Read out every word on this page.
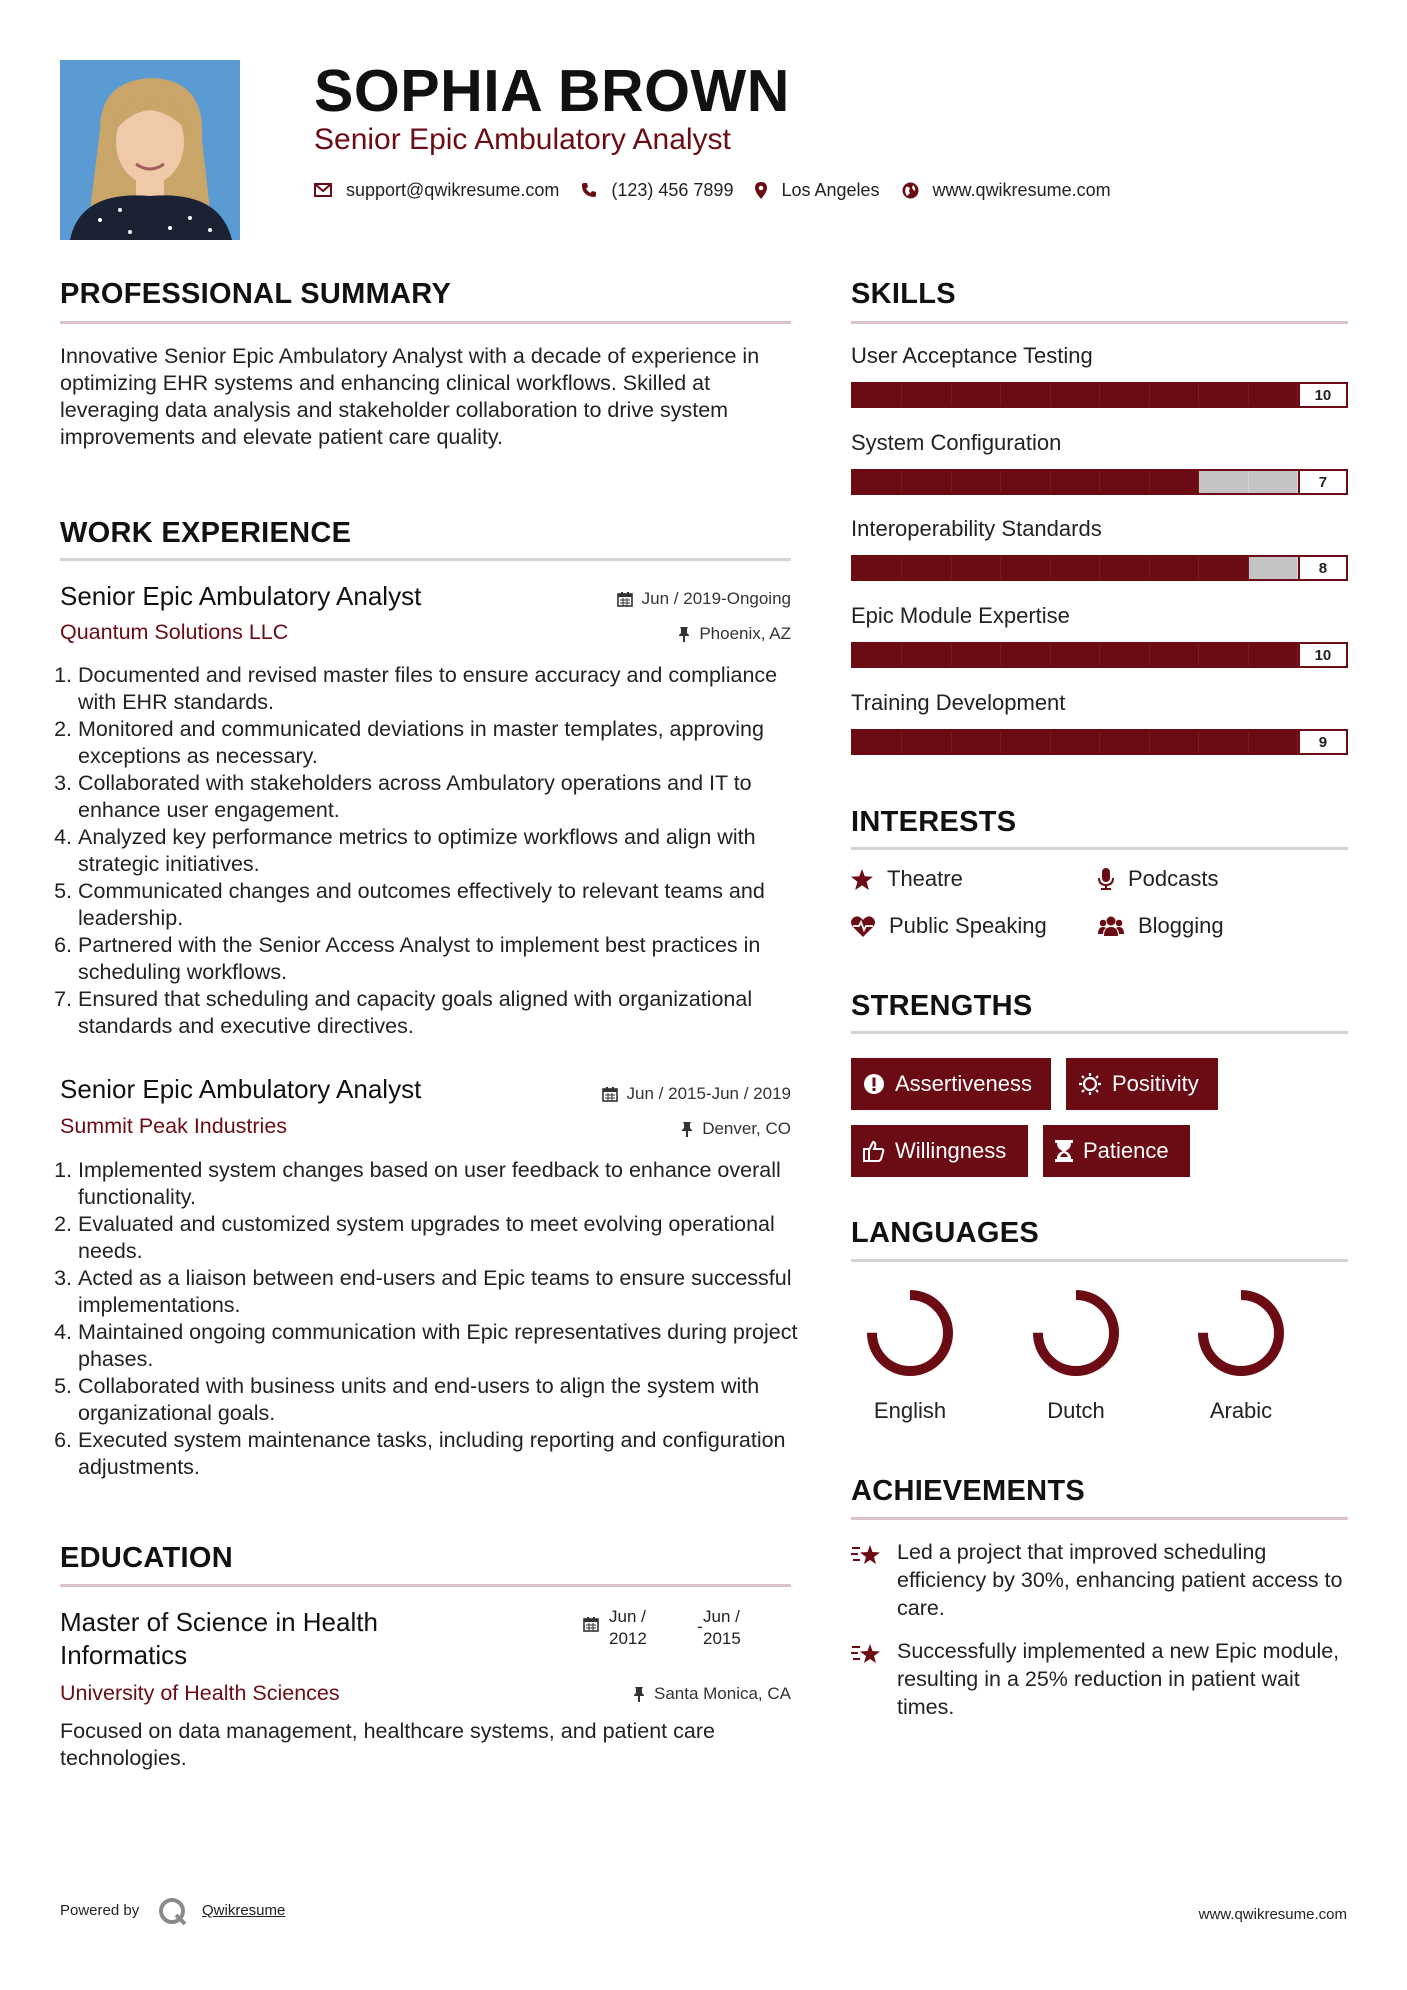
SOPHIA BROWN
Senior Epic Ambulatory Analyst
support@qwikresume.com	(123) 456 7899	Los Angeles	www.qwikresume.com
PROFESSIONAL SUMMARY
Innovative Senior Epic Ambulatory Analyst with a decade of experience in optimizing EHR systems and enhancing clinical workflows. Skilled at leveraging data analysis and stakeholder collaboration to drive system improvements and elevate patient care quality.
WORK EXPERIENCE
Senior Epic Ambulatory Analyst	Jun / 2019-Ongoing
Quantum Solutions LLC	Phoenix, AZ
1. Documented and revised master files to ensure accuracy and compliance with EHR standards.
2. Monitored and communicated deviations in master templates, approving exceptions as necessary.
3. Collaborated with stakeholders across Ambulatory operations and IT to enhance user engagement.
4. Analyzed key performance metrics to optimize workflows and align with strategic initiatives.
5. Communicated changes and outcomes effectively to relevant teams and leadership.
6. Partnered with the Senior Access Analyst to implement best practices in scheduling workflows.
7. Ensured that scheduling and capacity goals aligned with organizational standards and executive directives.
Senior Epic Ambulatory Analyst	Jun / 2015-Jun / 2019
Summit Peak Industries	Denver, CO
1. Implemented system changes based on user feedback to enhance overall functionality.
2. Evaluated and customized system upgrades to meet evolving operational needs.
3. Acted as a liaison between end-users and Epic teams to ensure successful implementations.
4. Maintained ongoing communication with Epic representatives during project phases.
5. Collaborated with business units and end-users to align the system with organizational goals.
6. Executed system maintenance tasks, including reporting and configuration adjustments.
EDUCATION
Master of Science in Health
Informatics
Jun /
2012
-
Jun /
2015
University of Health Sciences	Santa Monica, CA
Focused on data management, healthcare systems, and patient care technologies.
SKILLS
User Acceptance Testing
10
System Configuration
7
Interoperability Standards
8
Epic Module Expertise
10
Training Development
9
INTERESTS
Theatre	Podcasts
Public Speaking	Blogging
STRENGTHS
Assertiveness	Positivity
Willingness	Patience
LANGUAGES
English	Dutch	Arabic
ACHIEVEMENTS
Led a project that improved scheduling efficiency by 30%, enhancing patient access to care.
Successfully implemented a new Epic module, resulting in a 25% reduction in patient wait times.
Powered by	Qwikresume	www.qwikresume.com
